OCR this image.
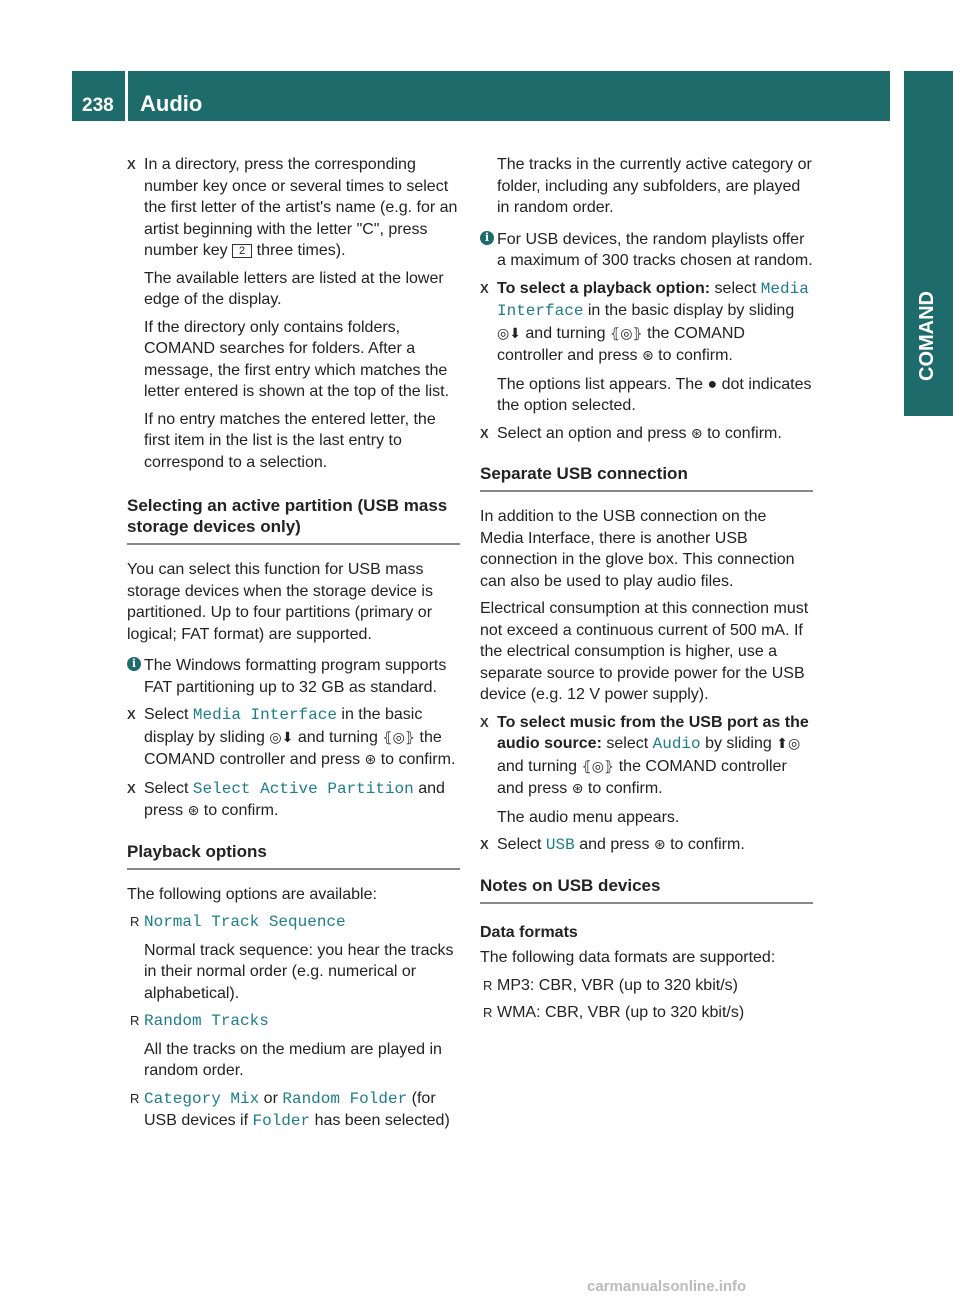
238 Audio
COMAND

X In a directory, press the corresponding number key once or several times to select the first letter of the artist's name (e.g. for an artist beginning with the letter "C", press number key 2 three times).

The available letters are listed at the lower edge of the display.

If the directory only contains folders, COMAND searches for folders. After a message, the first entry which matches the letter entered is shown at the top of the list.

If no entry matches the entered letter, the first item in the list is the last entry to correspond to a selection.

Selecting an active partition (USB mass storage devices only)

You can select this function for USB mass storage devices when the storage device is partitioned. Up to four partitions (primary or logical; FAT format) are supported.

i The Windows formatting program supports FAT partitioning up to 32 GB as standard.

X Select Media Interface in the basic display by sliding ◎⬇ and turning ⦃◎⦄ the COMAND controller and press ⊛ to confirm.

X Select Select Active Partition and press ⊛ to confirm.

Playback options

The following options are available:

R Normal Track Sequence

Normal track sequence: you hear the tracks in their normal order (e.g. numerical or alphabetical).

R Random Tracks

All the tracks on the medium are played in random order.

R Category Mix or Random Folder (for USB devices if Folder has been selected)

The tracks in the currently active category or folder, including any subfolders, are played in random order.

i For USB devices, the random playlists offer a maximum of 300 tracks chosen at random.

X To select a playback option: select Media Interface in the basic display by sliding ◎⬇ and turning ⦃◎⦄ the COMAND controller and press ⊛ to confirm.

The options list appears. The ● dot indicates the option selected.

X Select an option and press ⊛ to confirm.

Separate USB connection

In addition to the USB connection on the Media Interface, there is another USB connection in the glove box. This connection can also be used to play audio files.

Electrical consumption at this connection must not exceed a continuous current of 500 mA. If the electrical consumption is higher, use a separate source to provide power for the USB device (e.g. 12 V power supply).

X To select music from the USB port as the audio source: select Audio by sliding ⬆◎ and turning ⦃◎⦄ the COMAND controller and press ⊛ to confirm.

The audio menu appears.

X Select USB and press ⊛ to confirm.

Notes on USB devices
Data formats

The following data formats are supported:

R MP3: CBR, VBR (up to 320 kbit/s)

R WMA: CBR, VBR (up to 320 kbit/s)

carmanualsonline.info
